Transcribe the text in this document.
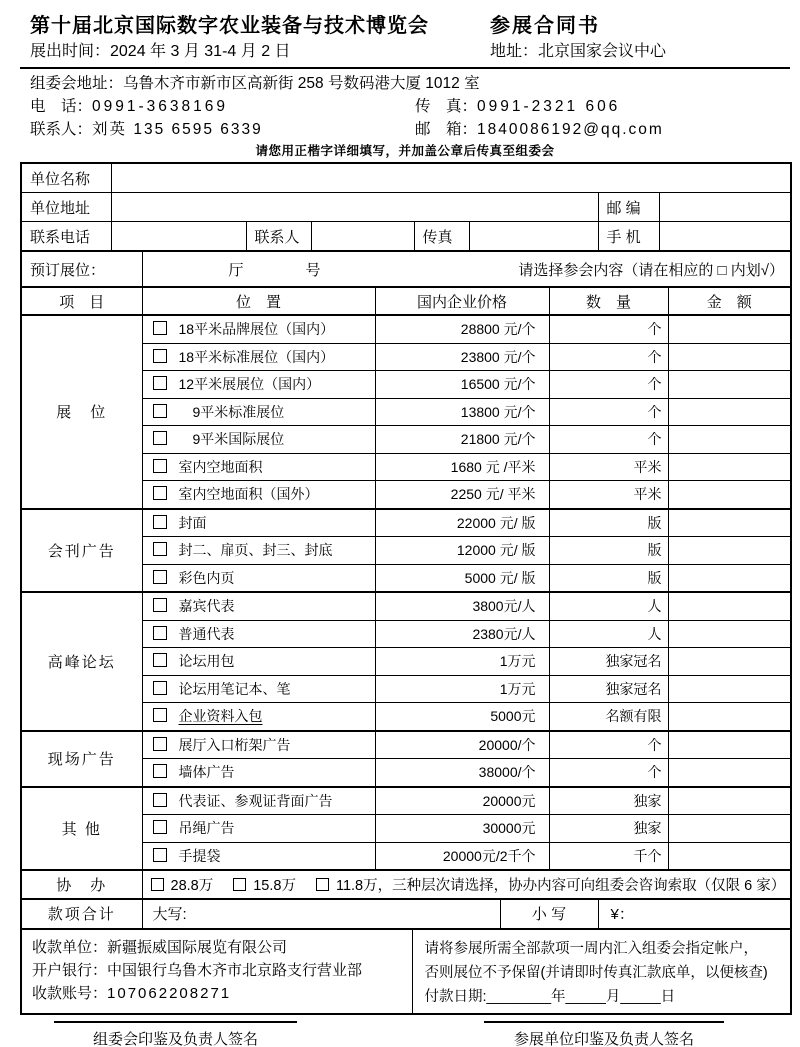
第十届北京国际数字农业装备与技术博览会	参展合同书
展出时间：2024 年 3 月 31-4 月 2 日	地址：北京国家会议中心
组委会地址：乌鲁木齐市新市区高新街 258 号数码港大厦 1012 室
电　话：0991-3638169	传　真：0991-2321 606
联系人：刘英 135 6595 6339	邮　箱：1840086192@qq.com
请您用正楷字详细填写，并加盖公章后传真至组委会
单位名称							
单位地址						邮 编	
联系电话		联系人		传真		手 机	
预订展位：	厅	号	请选择参会内容（请在相应的 □ 内划√）
项　目	位　置	国内企业价格	数　量	金　额
展　位	18平米品牌展位（国内）	28800 元/个	个	
	18平米标准展位（国内）	23800 元/个	个	
	12平米展展位（国内）	16500 元/个	个	
	　9平米标准展位	13800 元/个	个	
	　9平米国际展位	21800 元/个	个	
	室内空地面积	1680 元 /平米	平米	
	室内空地面积（国外）	2250 元/ 平米	平米	
会刊广告	封面	22000 元/ 版	版	
	封二、扉页、封三、封底	12000 元/ 版	版	
	彩色内页	5000 元/ 版	版	
高峰论坛	嘉宾代表	3800元/人	人	
	普通代表	2380元/人	人	
	论坛用包	1万元	独家冠名	
	论坛用笔记本、笔	1万元	独家冠名	
	企业资料入包	5000元	名额有限	
现场广告	展厅入口桁架广告	20000/个	个	
	墙体广告	38000/个	个	
其 他	代表证、参观证背面广告	20000元	独家	
	吊绳广告	30000元	独家	
	手提袋	20000元/2千个	千个	
协　办	28.8万 15.8万 11.8万 ，三种层次请选择，协办内容可向组委会咨询索取（仅限 6 家）			
款项合计	大写:	小 写	¥：
收款单位：新疆振威国际展览有限公司
开户银行：中国银行乌鲁木齐市北京路支行营业部
收款账号：107062208271

请将参展所需全部款项一周内汇入组委会指定帐户，
否则展位不予保留(并请即时传真汇款底单，以便核查)
付款日期:________年_____月_____日
组委会印鉴及负责人签名	参展单位印鉴及负责人签名
